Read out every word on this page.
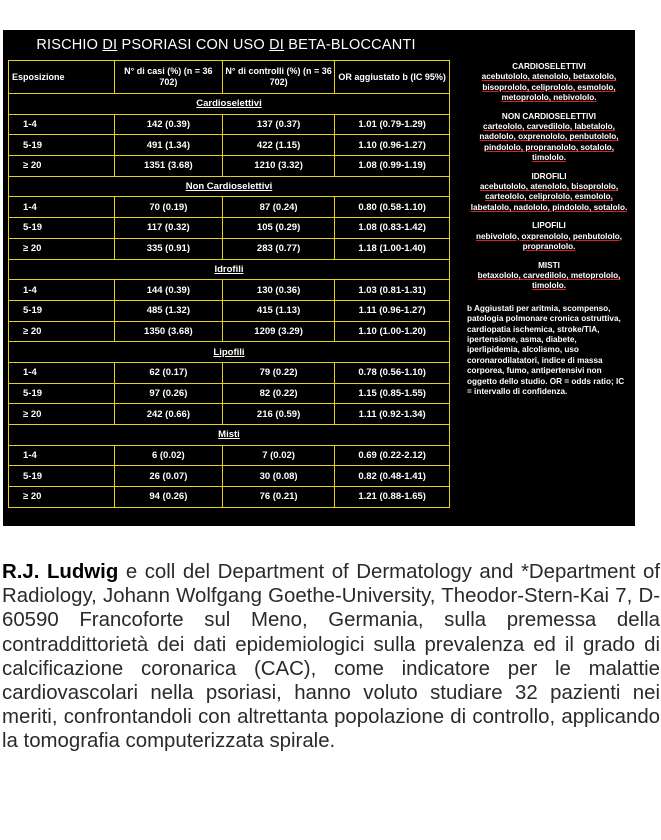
RISCHIO DI PSORIASI CON USO DI BETA-BLOCCANTI
Esposizione	N° di casi (%) (n = 36 702)	N° di controlli (%) (n = 36 702)	OR aggiustato b (IC 95%)
Cardioselettivi			
1-4	142 (0.39)	137 (0.37)	1.01 (0.79-1.29)
5-19	491 (1.34)	422 (1.15)	1.10 (0.96-1.27)
≥ 20	1351 (3.68)	1210 (3.32)	1.08 (0.99-1.19)
Non Cardioselettivi			
1-4	70 (0.19)	87 (0.24)	0.80 (0.58-1.10)
5-19	117 (0.32)	105 (0.29)	1.08 (0.83-1.42)
≥ 20	335 (0.91)	283 (0.77)	1.18 (1.00-1.40)
Idrofili			
1-4	144 (0.39)	130 (0.36)	1.03 (0.81-1.31)
5-19	485 (1.32)	415 (1.13)	1.11 (0.96-1.27)
≥ 20	1350 (3.68)	1209 (3.29)	1.10 (1.00-1.20)
Lipofili			
1-4	62 (0.17)	79 (0.22)	0.78 (0.56-1.10)
5-19	97 (0.26)	82 (0.22)	1.15 (0.85-1.55)
≥ 20	242 (0.66)	216 (0.59)	1.11 (0.92-1.34)
Misti			
1-4	6 (0.02)	7 (0.02)	0.69 (0.22-2.12)
5-19	26 (0.07)	30 (0.08)	0.82 (0.48-1.41)
≥ 20	94 (0.26)	76 (0.21)	1.21 (0.88-1.65)

CARDIOSELETTIVI

acebutololo, atenololo, betaxololo, bisoprololo, celiprololo, esmololo, metoprololo, nebivololo.

NON CARDIOSELETTIVI

carteololo, carvedilolo, labetalolo, nadololo, oxprenololo, penbutololo, pindololo, propranololo, sotalolo, timololo.

IDROFILI

acebutololo, atenololo, bisoprololo, carteololo, celiprololo, esmololo, labetalolo, nadololo, pindololo, sotalolo.

LIPOFILI

nebivololo, oxprenololo, penbutololo, propranololo.

MISTI

betaxololo, carvedilolo, metoprololo, timololo.

b Aggiustati per aritmia, scompenso, patologia polmonare cronica ostruttiva, cardiopatia ischemica, stroke/TIA, ipertensione, asma, diabete, iperlipidemia, alcolismo, uso coronarodilatatori, indice di massa corporea, fumo, antipertensivi non oggetto dello studio. OR = odds ratio; IC = intervallo di confidenza.

R.J. Ludwig e coll del Department of Dermatology and *Department of Radiology, Johann Wolfgang Goethe-University, Theodor-Stern-Kai 7, D-60590 Francoforte sul Meno, Germania, sulla premessa della contraddittorietà dei dati epidemiologici sulla prevalenza ed il grado di calcificazione coronarica (CAC), come indicatore per le malattie cardiovascolari nella psoriasi, hanno voluto studiare 32 pazienti nei meriti, confrontandoli con altrettanta popolazione di controllo, applicando la tomografia computerizzata spirale.
